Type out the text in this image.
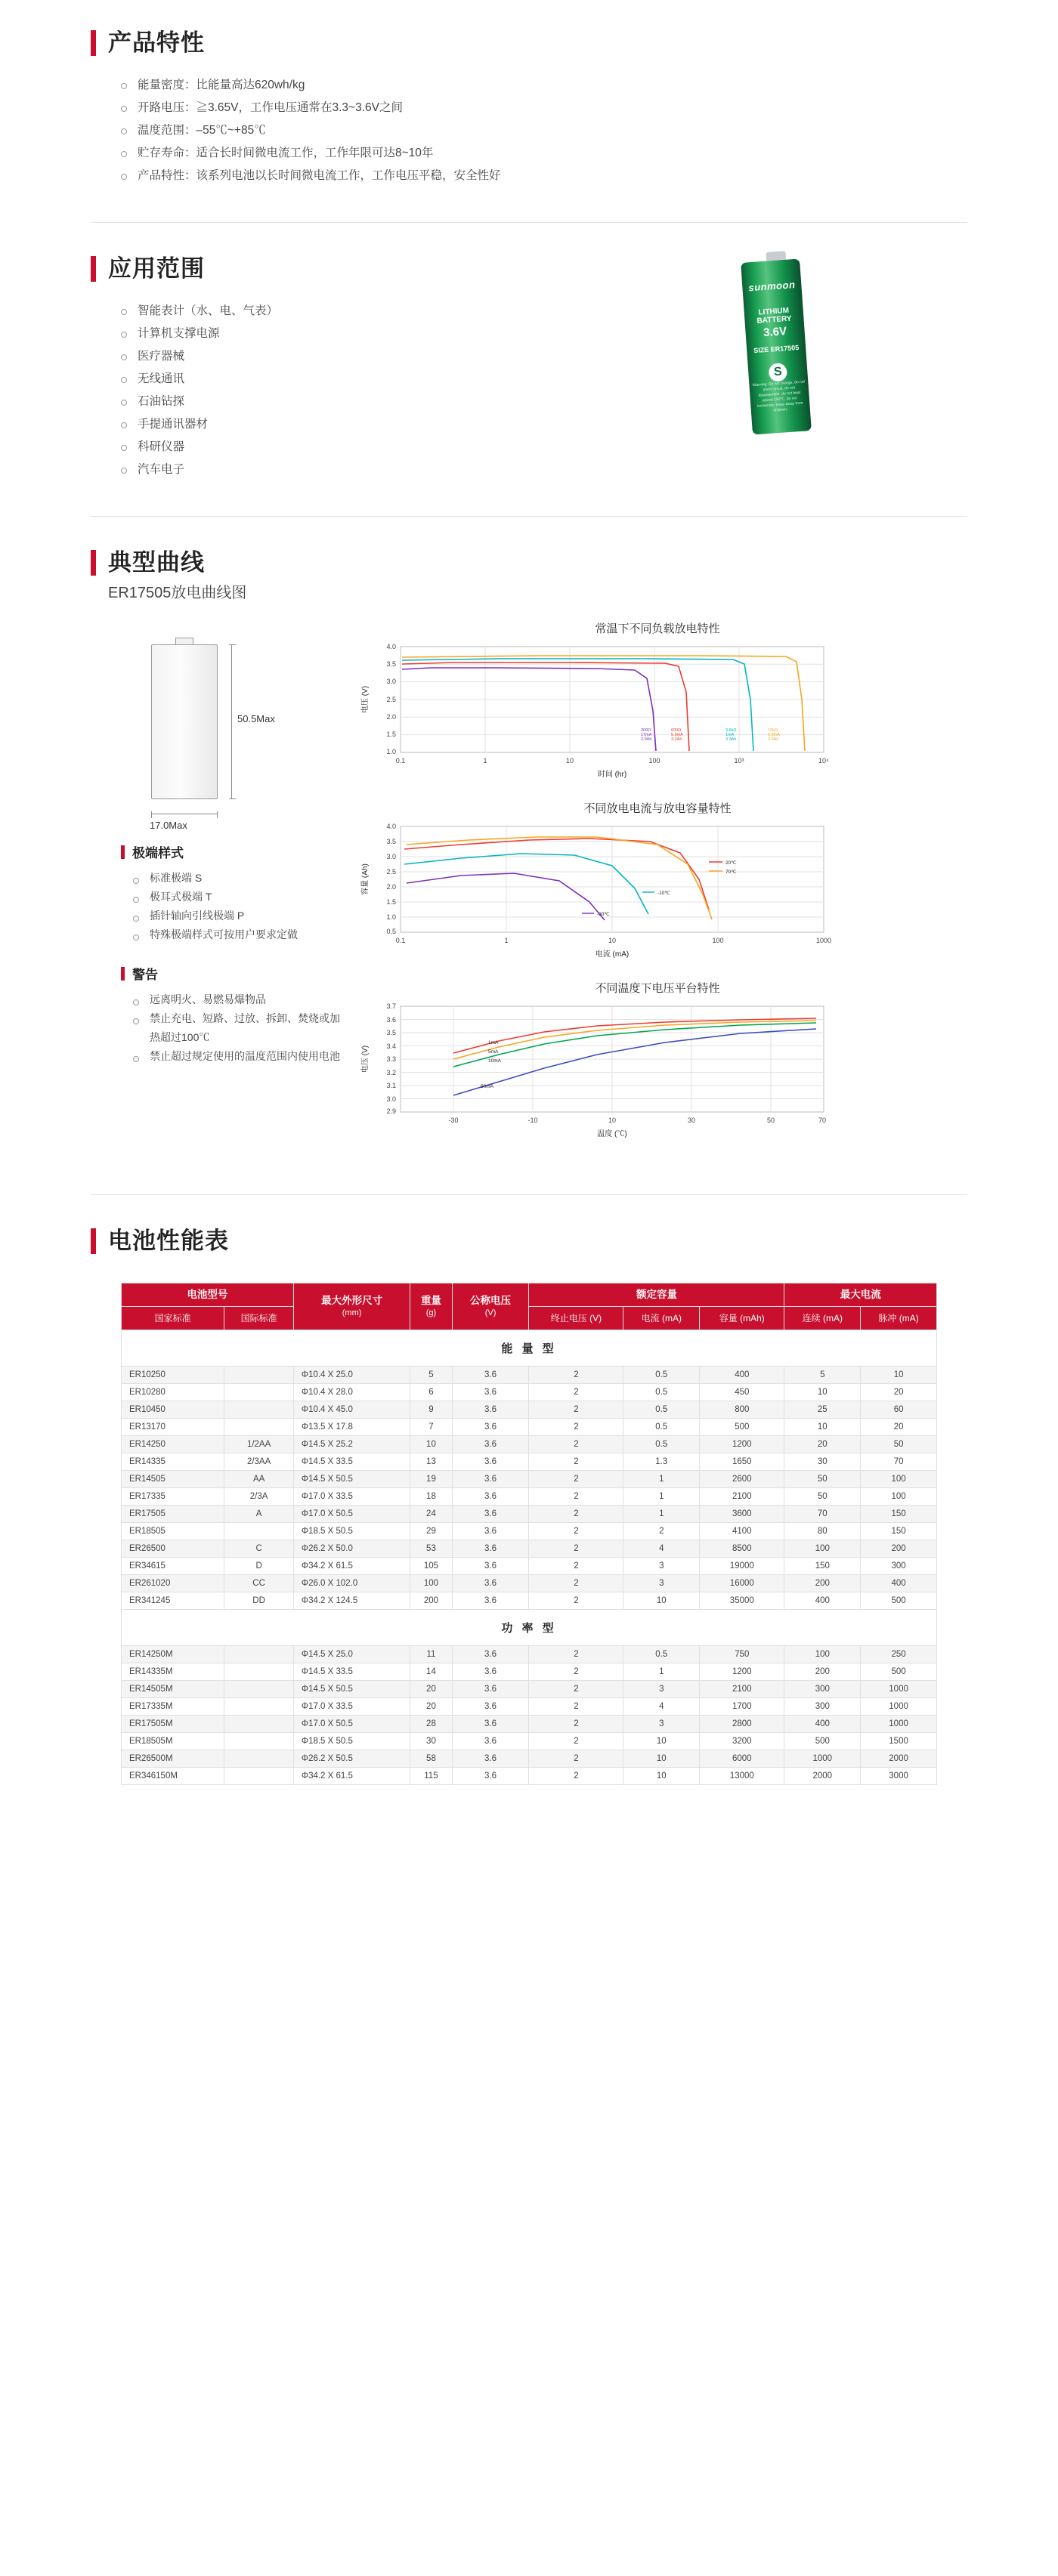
产品特性
能量密度：比能量高达620wh/kg
开路电压：≧3.65V，工作电压通常在3.3~3.6V之间
温度范围：–55℃~+85℃
贮存寿命：适合长时间微电流工作，工作年限可达8~10年
产品特性：该系列电池以长时间微电流工作，工作电压平稳，安全性好
应用范围
智能表计（水、电、气表）
计算机支撑电源
医疗器械
无线通讯
石油钻探
手提通讯器材
科研仪器
汽车电子
sunmoon
LITHIUM BATTERY
3.6V
SIZE ER17505
S
Warning: Do not charge, do not short circuit, do not disassemble, do not heat above 100℃, do not incinerate. Keep away from children.
典型曲线
ER17505放电曲线图
50.5Max
17.0Max
极端样式
标准极端 S
极耳式极端 T
插针轴向引线极端 P
特殊极端样式可按用户要求定做
警告
远离明火、易燃易爆物品
禁止充电、短路、过放、拆卸、焚烧或加热超过100℃
禁止超过规定使用的温度范围内使用电池
常温下不同负载放电特性
4.0
3.5
3.0
2.5
2.0
1.5
1.0
0.1	1	10	100	10³	10⁴
时间 (hr)
电压 (V)
200Ω
17mA
2.9Ah
600Ω
5.5mA
3.2Ah
3.6kΩ
1mA
3.3Ah
12kΩ
0.3mA
3.3Ah
不同放电电流与放电容量特性
4.0
3.5
3.0
2.5
2.0
1.5
1.0
0.5
0.1	1	10	100	1000
电流 (mA)
容量 (Ah)
20℃
70℃
-10℃
-30℃
不同温度下电压平台特性
3.7
3.6
3.5
3.4
3.3
3.2
3.1
3.0
2.9
-30	-10	10	30	50	70
温度 (℃)
电压 (V)
1mA
5mA
10mA
50mA
电池性能表
电池型号	最大外形尺寸
(mm)

重量
(g)

公称电压
(V)
	额定容量	最大电流
国家标准	国际标准				终止电压 (V)	电流 (mA)	容量 (mAh)	连续 (mA)	脉冲 (mA)
能 量 型									
ER10250		Φ10.4 X 25.0	5	3.6	2	0.5	400	5	10
ER10280		Φ10.4 X 28.0	6	3.6	2	0.5	450	10	20
ER10450		Φ10.4 X 45.0	9	3.6	2	0.5	800	25	60
ER13170		Φ13.5 X 17.8	7	3.6	2	0.5	500	10	20
ER14250	1/2AA	Φ14.5 X 25.2	10	3.6	2	0.5	1200	20	50
ER14335	2/3AA	Φ14.5 X 33.5	13	3.6	2	1.3	1650	30	70
ER14505	AA	Φ14.5 X 50.5	19	3.6	2	1	2600	50	100
ER17335	2/3A	Φ17.0 X 33.5	18	3.6	2	1	2100	50	100
ER17505	A	Φ17.0 X 50.5	24	3.6	2	1	3600	70	150
ER18505		Φ18.5 X 50.5	29	3.6	2	2	4100	80	150
ER26500	C	Φ26.2 X 50.0	53	3.6	2	4	8500	100	200
ER34615	D	Φ34.2 X 61.5	105	3.6	2	3	19000	150	300
ER261020	CC	Φ26.0 X 102.0	100	3.6	2	3	16000	200	400
ER341245	DD	Φ34.2 X 124.5	200	3.6	2	10	35000	400	500
功 率 型									
ER14250M		Φ14.5 X 25.0	11	3.6	2	0.5	750	100	250
ER14335M		Φ14.5 X 33.5	14	3.6	2	1	1200	200	500
ER14505M		Φ14.5 X 50.5	20	3.6	2	3	2100	300	1000
ER17335M		Φ17.0 X 33.5	20	3.6	2	4	1700	300	1000
ER17505M		Φ17.0 X 50.5	28	3.6	2	3	2800	400	1000
ER18505M		Φ18.5 X 50.5	30	3.6	2	10	3200	500	1500
ER26500M		Φ26.2 X 50.5	58	3.6	2	10	6000	1000	2000
ER346150M		Φ34.2 X 61.5	115	3.6	2	10	13000	2000	3000
